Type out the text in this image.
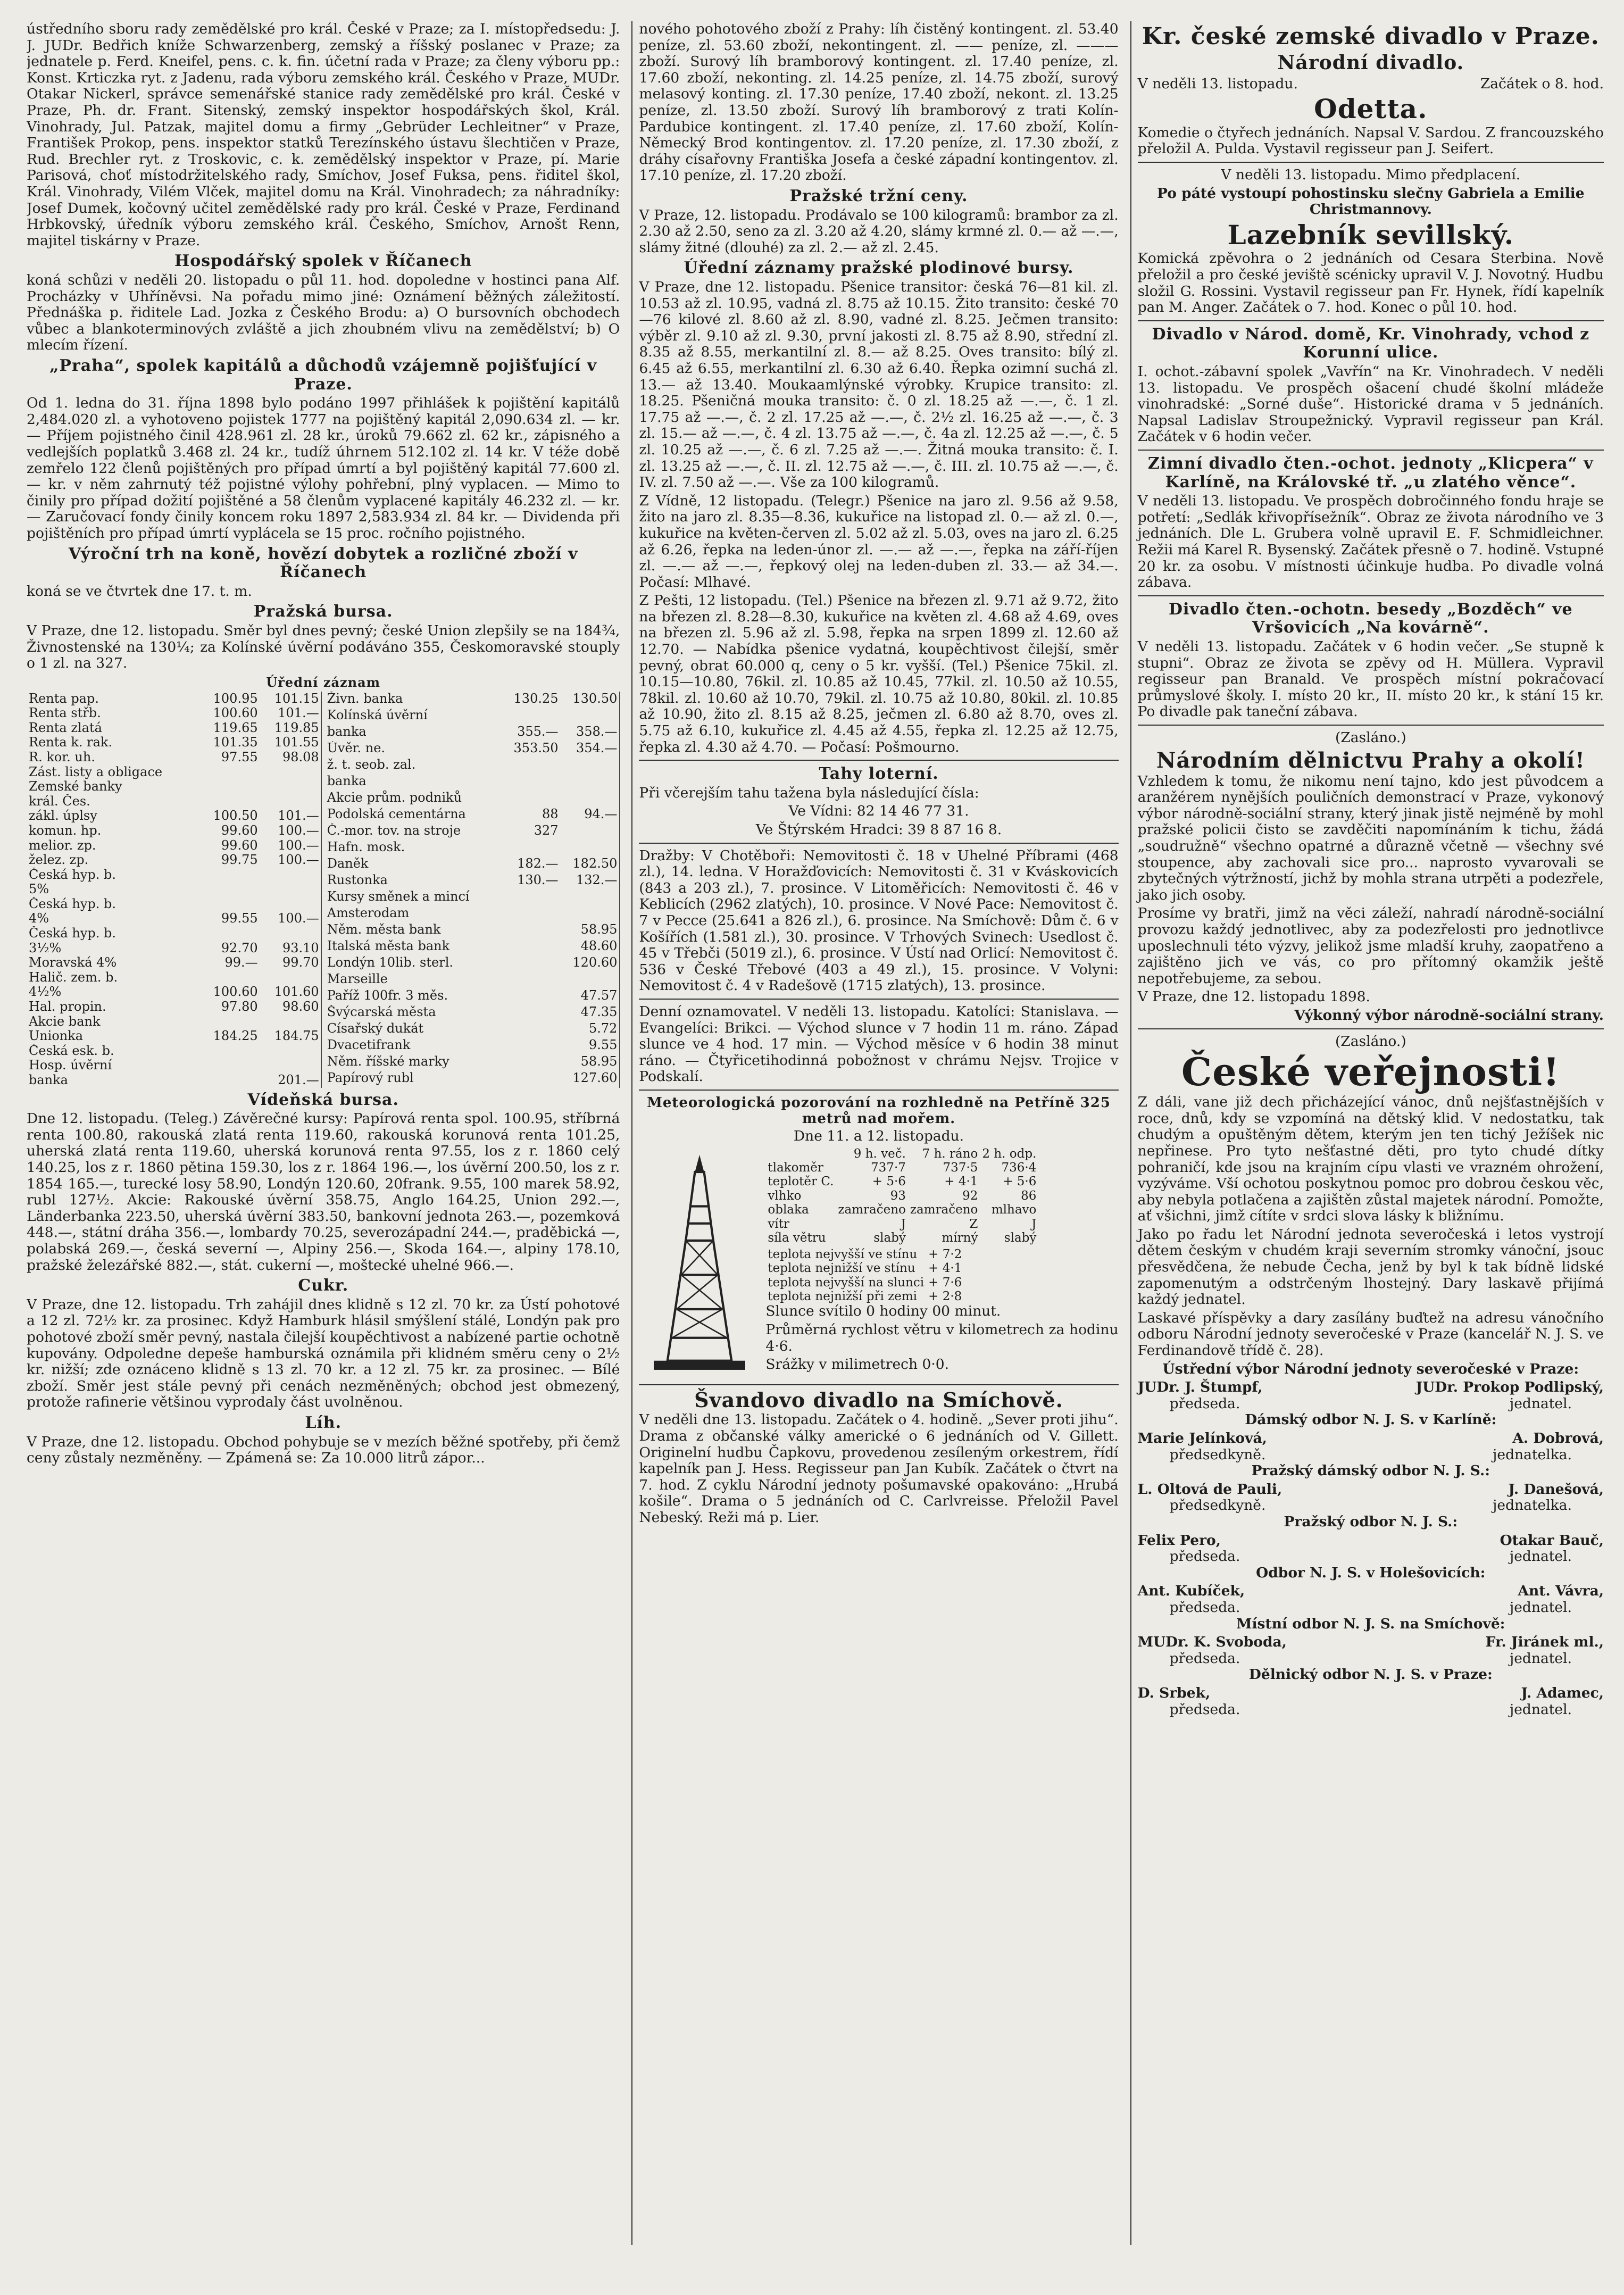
ústředního sboru rady zemědělské pro král. České v Praze; za I. místopředsedu: J. J. JUDr. Bedřich kníže Schwarzenberg, zemský a říšský poslanec v Praze; za jednatele p. Ferd. Kneifel, pens. c. k. fin. účetní rada v Praze; za členy výboru pp.: Konst. Krticzka ryt. z Jadenu, rada výboru zemského král. Českého v Praze, MUDr. Otakar Nickerl, správce semenářské stanice rady zemědělské pro král. České v Praze, Ph. dr. Frant. Sitenský, zemský inspektor hospodářských škol, Král. Vinohrady, Jul. Patzak, majitel domu a firmy „Gebrüder Lechleitner“ v Praze, František Prokop, pens. inspektor statků Terezínského ústavu šlechtičen v Praze, Rud. Brechler ryt. z Troskovic, c. k. zemědělský inspektor v Praze, pí. Marie Parisová, choť místodržitelského rady, Smíchov, Josef Fuksa, pens. řiditel škol, Král. Vinohrady, Vilém Vlček, majitel domu na Král. Vinohradech; za náhradníky: Josef Dumek, kočovný učitel zemědělské rady pro král. České v Praze, Ferdinand Hrbkovský, úředník výboru zemského král. Českého, Smíchov, Arnošt Renn, majitel tiskárny v Praze.

Hospodářský spolek v Říčanech

koná schůzi v neděli 20. listopadu o půl 11. hod. dopoledne v hostinci pana Alf. Procházky v Uhříněvsi. Na pořadu mimo jiné: Oznámení běžných záležitostí. Přednáška p. řiditele Lad. Jozka z Českého Brodu: a) O bursovních obchodech vůbec a blankoterminových zvláště a jich zhoubném vlivu na zemědělství; b) O mlecím řízení.

„Praha“, spolek kapitálů a důchodů vzájemně pojišťující v Praze.

Od 1. ledna do 31. října 1898 bylo podáno 1997 přihlášek k pojištění kapitálů 2,484.020 zl. a vyhotoveno pojistek 1777 na pojištěný kapitál 2,090.634 zl. — kr. — Příjem pojistného činil 428.961 zl. 28 kr., úroků 79.662 zl. 62 kr., zápisného a vedlejších poplatků 3.468 zl. 24 kr., tudíž úhrnem 512.102 zl. 14 kr. V téže době zemřelo 122 členů pojištěných pro případ úmrtí a byl pojištěný kapitál 77.600 zl. — kr. v něm zahrnutý též pojistné výlohy pohřební, plný vyplacen. — Mimo to činily pro případ dožití pojištěné a 58 členům vyplacené kapitály 46.232 zl. — kr. — Zaručovací fondy činily koncem roku 1897 2,583.934 zl. 84 kr. — Dividenda při pojištěních pro případ úmrtí vyplácela se 15 proc. ročního pojistného.

Výroční trh na koně, hovězí dobytek a rozličné zboží v Říčanech

koná se ve čtvrtek dne 17. t. m.

Pražská bursa.

V Praze, dne 12. listopadu. Směr byl dnes pevný; české Union zlepšily se na 184¾, Živnostenské na 130¼; za Kolínské úvěrní podáváno 355, Českomoravské stouply o 1 zl. na 327.

Úřední záznam
Renta pap.	100.95	101.15
Renta střb.	100.60	101.—
Renta zlatá	119.65	119.85
Renta k. rak.	101.35	101.55
R. kor. uh.	97.55	98.08
Zást. listy a obligace		
Zemské banky		
král. Čes.		
zákl. úplsy	100.50	101.—
komun. hp.	99.60	100.—
melior. zp.	99.60	100.—
želez. zp.	99.75	100.—
Česká hyp. b.		
5%		
Česká hyp. b.		
4%	99.55	100.—
Česká hyp. b.		
3½%	92.70	93.10
Moravská 4%	99.—	99.70
Halič. zem. b.		
4½%	100.60	101.60
Hal. propin.	97.80	98.60
Akcie bank		
Unionka	184.25	184.75
Česká esk. b.		
Hosp. úvěrní		
banka		201.—
Živn. banka	130.25	130.50
Kolínská úvěrní		
banka	355.—	358.—
Úvěr. ne.	353.50	354.—
ž. t. seob. zal.		
banka		
Akcie prům. podniků		
Podolská cementárna	88	94.—
Č.-mor. tov. na stroje	327	
Hafn. mosk.		
Daněk	182.—	182.50
Rustonka	130.—	132.—
Kursy směnek a mincí		
Amsterodam		
Něm. města bank		58.95
Italská města bank		48.60
Londýn 10lib. sterl.		120.60
Marseille		
Paříž 100fr. 3 měs.		47.57
Švýcarská města		47.35
Císařský dukát		5.72
Dvacetifrank		9.55
Něm. říšské marky		58.95
Papírový rubl		127.60
Vídeňská bursa.

Dne 12. listopadu. (Teleg.) Závěrečné kursy: Papírová renta spol. 100.95, stříbrná renta 100.80, rakouská zlatá renta 119.60, rakouská korunová renta 101.25, uherská zlatá renta 119.60, uherská korunová renta 97.55, los z r. 1860 celý 140.25, los z r. 1860 pětina 159.30, los z r. 1864 196.—, los úvěrní 200.50, los z r. 1854 165.—, turecké losy 58.90, Londýn 120.60, 20frank. 9.55, 100 marek 58.92, rubl 127½. Akcie: Rakouské úvěrní 358.75, Anglo 164.25, Union 292.—, Länderbanka 223.50, uherská úvěrní 383.50, bankovní jednota 263.—, pozemková 448.—, státní dráha 356.—, lombardy 70.25, severozápadní 244.—, praděbická —, polabská 269.—, česká severní —, Alpiny 256.—, Skoda 164.—, alpiny 178.10, pražské železářské 882.—, stát. cukerní —, moštecké uhelné 966.—.

Cukr.

V Praze, dne 12. listopadu. Trh zahájil dnes klidně s 12 zl. 70 kr. za Ústí pohotové a 12 zl. 72½ kr. za prosinec. Když Hamburk hlásil smýšlení stálé, Londýn pak pro pohotové zboží směr pevný, nastala čilejší koupěchtivost a nabízené partie ochotně kupovány. Odpoledne depeše hamburská oznámila při klidném směru ceny o 2½ kr. nižší; zde oznáceno klidně s 13 zl. 70 kr. a 12 zl. 75 kr. za prosinec. — Bílé zboží. Směr jest stále pevný při cenách nezměněných; obchod jest obmezený, protože rafinerie většinou vyprodaly část uvolněnou.

Líh.

V Praze, dne 12. listopadu. Obchod pohybuje se v mezích běžné spotřeby, při čemž ceny zůstaly nezměněny. — Zpámená se: Za 10.000 litrů zápor...

nového pohotového zboží z Prahy: líh čistěný kontingent. zl. 53.40 peníze, zl. 53.60 zboží, nekontingent. zl. —— peníze, zl. ——— zboží. Surový líh bramborový kontingent. zl. 17.40 peníze, zl. 17.60 zboží, nekonting. zl. 14.25 peníze, zl. 14.75 zboží, surový melasový konting. zl. 17.30 peníze, 17.40 zboží, nekont. zl. 13.25 peníze, zl. 13.50 zboží. Surový líh bramborový z trati Kolín-Pardubice kontingent. zl. 17.40 peníze, zl. 17.60 zboží, Kolín-Německý Brod kontingentov. zl. 17.20 peníze, zl. 17.30 zboží, z dráhy císařovny Františka Josefa a české západní kontingentov. zl. 17.10 peníze, zl. 17.20 zboží.

Pražské tržní ceny.

V Praze, 12. listopadu. Prodávalo se 100 kilogramů: brambor za zl. 2.30 až 2.50, seno za zl. 3.20 až 4.20, slámy krmné zl. 0.— až —.—, slámy žitné (dlouhé) za zl. 2.— až zl. 2.45.

Úřední záznamy pražské plodinové bursy.

V Praze, dne 12. listopadu. Pšenice transitor: česká 76—81 kil. zl. 10.53 až zl. 10.95, vadná zl. 8.75 až 10.15. Žito transito: české 70—76 kilové zl. 8.60 až zl. 8.90, vadné zl. 8.25. Ječmen transito: výběr zl. 9.10 až zl. 9.30, první jakosti zl. 8.75 až 8.90, střední zl. 8.35 až 8.55, merkantilní zl. 8.— až 8.25. Oves transito: bílý zl. 6.45 až 6.55, merkantilní zl. 6.30 až 6.40. Řepka ozimní suchá zl. 13.— až 13.40. Moukaamlýnské výrobky. Krupice transito: zl. 18.25. Pšeničná mouka transito: č. 0 zl. 18.25 až —.—, č. 1 zl. 17.75 až —.—, č. 2 zl. 17.25 až —.—, č. 2½ zl. 16.25 až —.—, č. 3 zl. 15.— až —.—, č. 4 zl. 13.75 až —.—, č. 4a zl. 12.25 až —.—, č. 5 zl. 10.25 až —.—, č. 6 zl. 7.25 až —.—. Žitná mouka transito: č. I. zl. 13.25 až —.—, č. II. zl. 12.75 až —.—, č. III. zl. 10.75 až —.—, č. IV. zl. 7.50 až —.—. Vše za 100 kilogramů.

Z Vídně, 12 listopadu. (Telegr.) Pšenice na jaro zl. 9.56 až 9.58, žito na jaro zl. 8.35—8.36, kukuřice na listopad zl. 0.— až zl. 0.—, kukuřice na květen-červen zl. 5.02 až zl. 5.03, oves na jaro zl. 6.25 až 6.26, řepka na leden-únor zl. —.— až —.—, řepka na září-říjen zl. —.— až —.—, řepkový olej na leden-duben zl. 33.— až 34.—. Počasí: Mlhavé.

Z Pešti, 12 listopadu. (Tel.) Pšenice na březen zl. 9.71 až 9.72, žito na březen zl. 8.28—8.30, kukuřice na květen zl. 4.68 až 4.69, oves na březen zl. 5.96 až zl. 5.98, řepka na srpen 1899 zl. 12.60 až 12.70. — Nabídka pšenice vydatná, koupěchtivost čilejší, směr pevný, obrat 60.000 q, ceny o 5 kr. vyšší. (Tel.) Pšenice 75kil. zl. 10.15—10.80, 76kil. zl. 10.85 až 10.45, 77kil. zl. 10.50 až 10.55, 78kil. zl. 10.60 až 10.70, 79kil. zl. 10.75 až 10.80, 80kil. zl. 10.85 až 10.90, žito zl. 8.15 až 8.25, ječmen zl. 6.80 až 8.70, oves zl. 5.75 až 6.10, kukuřice zl. 4.45 až 4.55, řepka zl. 12.25 až 12.75, řepka zl. 4.30 až 4.70. — Počasí: Pošmourno.

Tahy loterní.

Při včerejším tahu tažena byla následující čísla:

Ve Vídni: 82 14 46 77 31.

Ve Štýrském Hradci: 39 8 87 16 8.

Dražby: V Chotěboři: Nemovitosti č. 18 v Uhelné Příbrami (468 zl.), 14. ledna. V Horažďovicích: Nemovitosti č. 31 v Kváskovicích (843 a 203 zl.), 7. prosince. V Litoměřicích: Nemovitosti č. 46 v Keblicích (2962 zlatých), 10. prosince. V Nové Pace: Nemovitost č. 7 v Pecce (25.641 a 826 zl.), 6. prosince. Na Smíchově: Dům č. 6 v Košířích (1.581 zl.), 30. prosince. V Trhových Svinech: Usedlost č. 45 v Třebči (5019 zl.), 6. prosince. V Ústí nad Orlicí: Nemovitost č. 536 v České Třebové (403 a 49 zl.), 15. prosince. V Volyni: Nemovitost č. 4 v Radešově (1715 zlatých), 13. prosince.

Denní oznamovatel. V neděli 13. listopadu. Katolíci: Stanislava. — Evangelíci: Brikci. — Východ slunce v 7 hodin 11 m. ráno. Západ slunce ve 4 hod. 17 min. — Východ měsíce v 6 hodin 38 minut ráno. — Čtyřicetihodinná pobožnost v chrámu Nejsv. Trojice v Podskalí.

Meteorologická pozorování na rozhledně na Petříně 325 metrů nad mořem.

Dne 11. a 12. listopadu.

	9 h. več.	7 h. ráno	2 h. odp.
tlakoměr	737·7	737·5	736·4
teplotěr C.	+ 5·6	+ 4·1	+ 5·6
vlhko	93	92	86
oblaka	zamračeno	zamračeno	mlhavo
vítr	J	Z	J
síla větru	slabý	mírný	slabý
teplota nejvyšší ve stínu	+ 7·2
teplota nejnižší ve stínu	+ 4·1
teplota nejvyšší na slunci	+ 7·6
teplota nejnižší při zemi	+ 2·8

Slunce svítilo 0 hodiny 00 minut.

Průměrná rychlost větru v kilometrech za hodinu 4·6.

Srážky v milimetrech 0·0.

Švandovo divadlo na Smíchově.

V neděli dne 13. listopadu. Začátek o 4. hodině. „Sever proti jihu“. Drama z občanské války americké o 6 jednáních od V. Gillett. Originelní hudbu Čapkovu, provedenou zesíleným orkestrem, řídí kapelník pan J. Hess. Regisseur pan Jan Kubík. Začátek o čtvrt na 7. hod. Z cyklu Národní jednoty pošumavské opakováno: „Hrubá košile“. Drama o 5 jednáních od C. Carlvreisse. Přeložil Pavel Nebeský. Reži má p. Lier.

Kr. české zemské divadlo v Praze.
Národní divadlo.
V neděli 13. listopadu.	Začátek o 8. hod.
Odetta.

Komedie o čtyřech jednáních. Napsal V. Sardou. Z francouzského přeložil A. Pulda. Vystavil regisseur pan J. Seifert.

V neděli 13. listopadu. Mimo předplacení.

Po páté vystoupí pohostinsku slečny Gabriela a Emilie Christmannovy.

Lazebník sevillský.

Komická zpěvohra o 2 jednáních od Cesara Sterbina. Nově přeložil a pro české jeviště scénicky upravil V. J. Novotný. Hudbu složil G. Rossini. Vystavil regisseur pan Fr. Hynek, řídí kapelník pan M. Anger. Začátek o 7. hod. Konec o půl 10. hod.

Divadlo v Národ. domě, Kr. Vinohrady, vchod z Korunní ulice.

I. ochot.-zábavní spolek „Vavřín“ na Kr. Vinohradech. V neděli 13. listopadu. Ve prospěch ošacení chudé školní mládeže vinohradské: „Sorné duše“. Historické drama v 5 jednáních. Napsal Ladislav Stroupežnický. Vypravil regisseur pan Král. Začátek v 6 hodin večer.

Zimní divadlo čten.-ochot. jednoty „Klicpera“ v Karlíně, na Královské tř. „u zlatého věnce“.

V neděli 13. listopadu. Ve prospěch dobročinného fondu hraje se potřetí: „Sedlák křivopřísežník“. Obraz ze života národního ve 3 jednáních. Dle L. Grubera volně upravil E. F. Schmidleichner. Režii má Karel R. Bysenský. Začátek přesně o 7. hodině. Vstupné 20 kr. za osobu. V místnosti účinkuje hudba. Po divadle volná zábava.

Divadlo čten.-ochotn. besedy „Bozděch“ ve Vršovicích „Na kovárně“.

V neděli 13. listopadu. Začátek v 6 hodin večer. „Se stupně k stupni“. Obraz ze života se zpěvy od H. Müllera. Vypravil regisseur pan Branald. Ve prospěch místní pokračovací průmyslové školy. I. místo 20 kr., II. místo 20 kr., k stání 15 kr. Po divadle pak taneční zábava.

(Zasláno.)

Národním dělnictvu Prahy a okolí!

Vzhledem k tomu, že nikomu není tajno, kdo jest původcem a aranžérem nynějších pouličních demonstrací v Praze, vykonový výbor národně-sociální strany, který jinak jistě nejméně by mohl pražské policii čisto se zavděčiti napomínáním k tichu, žádá „soudružně“ všechno opatrné a důrazně včetně — všechny své stoupence, aby zachovali sice pro... naprosto vyvarovali se zbytečných výtržností, jichž by mohla strana utrpěti a podezřele, jako jich osoby.

Prosíme vy bratři, jimž na věci záleží, nahradí národně-sociální provozu každý jednotlivec, aby za podezřelosti pro jednotlivce uposlechnuli této výzvy, jelikož jsme mladší kruhy, zaopatřeno a zajištěno jich ve vás, co pro přítomný okamžik ještě nepotřebujeme, za sebou.

V Praze, dne 12. listopadu 1898.

Výkonný výbor národně-sociální strany.

(Zasláno.)

České veřejnosti!

Z dáli, vane již dech přicházející vánoc, dnů nejšťastnějších v roce, dnů, kdy se vzpomíná na dětský klid. V nedostatku, tak chudým a opuštěným dětem, kterým jen ten tichý Ježíšek nic nepřinese. Pro tyto nešťastné děti, pro tyto chudé dítky pohraničí, kde jsou na krajním cípu vlasti ve vrazném ohrožení, vyzýváme. Vší ochotou poskytnou pomoc pro dobrou českou věc, aby nebyla potlačena a zajištěn zůstal majetek národní. Pomožte, ať všichni, jimž cítíte v srdci slova lásky k bližnímu.

Jako po řadu let Národní jednota severočeská i letos vystrojí dětem českým v chudém kraji severním stromky vánoční, jsouc přesvědčena, že nebude Čecha, jenž by byl k tak bídně lidské zapomenutým a odstrčeným lhostejný. Dary laskavě přijímá každý jednatel.

Laskavé příspěvky a dary zasílány buďtež na adresu vánočního odboru Národní jednoty severočeské v Praze (kancelář N. J. S. ve Ferdinandově třídě č. 28).

Ústřední výbor Národní jednoty severočeské v Praze:

JUDr. J. Štumpf,	JUDr. Prokop Podlipský,
předseda.	jednatel.

Dámský odbor N. J. S. v Karlíně:

Marie Jelínková,	A. Dobrová,
předsedkyně.	jednatelka.

Pražský dámský odbor N. J. S.:

L. Oltová de Pauli,	J. Danešová,
předsedkyně.	jednatelka.

Pražský odbor N. J. S.:

Felix Pero,	Otakar Bauč,
předseda.	jednatel.

Odbor N. J. S. v Holešovicích:

Ant. Kubíček,	Ant. Vávra,
předseda.	jednatel.

Místní odbor N. J. S. na Smíchově:

MUDr. K. Svoboda,	Fr. Jiránek ml.,
předseda.	jednatel.

Dělnický odbor N. J. S. v Praze:

D. Srbek,	J. Adamec,
předseda.	jednatel.
